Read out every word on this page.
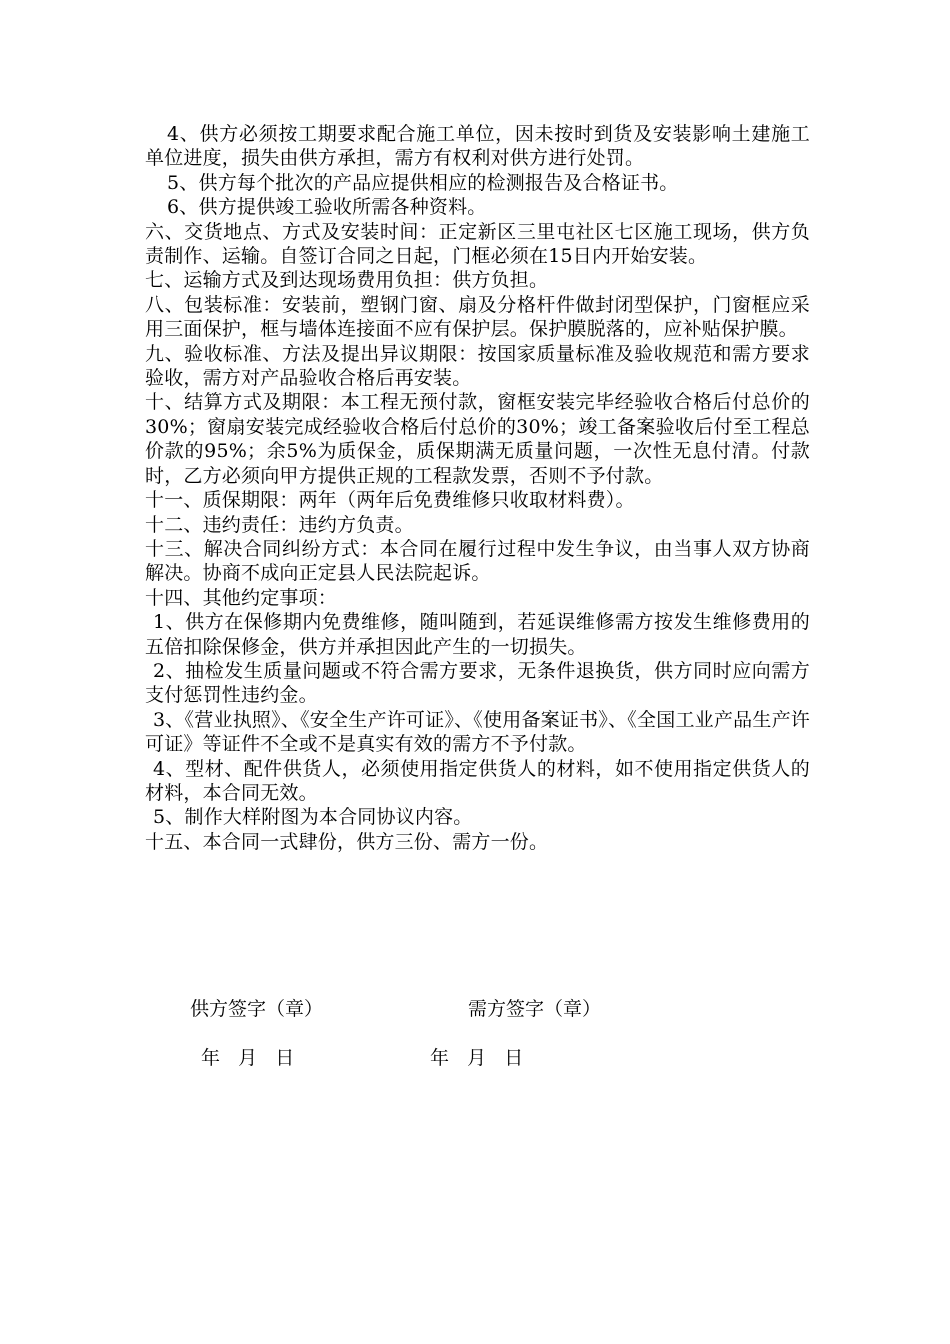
4、供方必须按工期要求配合施工单位，因未按时到货及安装影响土建施工单位进度，损失由供方承担，需方有权利对供方进行处罚。

5、供方每个批次的产品应提供相应的检测报告及合格证书。

6、供方提供竣工验收所需各种资料。

六、交货地点、方式及安装时间：正定新区三里屯社区七区施工现场，供方负责制作、运输。自签订合同之日起，门框必须在15日内开始安装。

七、运输方式及到达现场费用负担：供方负担。

八、包装标准：安装前，塑钢门窗、扇及分格杆件做封闭型保护，门窗框应采用三面保护，框与墙体连接面不应有保护层。保护膜脱落的，应补贴保护膜。

九、验收标准、方法及提出异议期限：按国家质量标准及验收规范和需方要求验收，需方对产品验收合格后再安装。

十、结算方式及期限：本工程无预付款，窗框安装完毕经验收合格后付总价的30%；窗扇安装完成经验收合格后付总价的30%；竣工备案验收后付至工程总价款的95%；余5%为质保金，质保期满无质量问题，一次性无息付清。付款时，乙方必须向甲方提供正规的工程款发票，否则不予付款。

十一、质保期限：两年（两年后免费维修只收取材料费）。

十二、违约责任：违约方负责。

十三、解决合同纠纷方式：本合同在履行过程中发生争议，由当事人双方协商解决。协商不成向正定县人民法院起诉。

十四、其他约定事项：

1、供方在保修期内免费维修，随叫随到，若延误维修需方按发生维修费用的五倍扣除保修金，供方并承担因此产生的一切损失。

2、抽检发生质量问题或不符合需方要求，无条件退换货，供方同时应向需方支付惩罚性违约金。

3、《营业执照》、《安全生产许可证》、《使用备案证书》、《全国工业产品生产许可证》等证件不全或不是真实有效的需方不予付款。

4、型材、配件供货人，必须使用指定供货人的材料，如不使用指定供货人的材料，本合同无效。

5、制作大样附图为本合同协议内容。

十五、本合同一式肆份，供方三份、需方一份。

供方签字（章）	需方签字（章）
年   月   日	年   月   日
